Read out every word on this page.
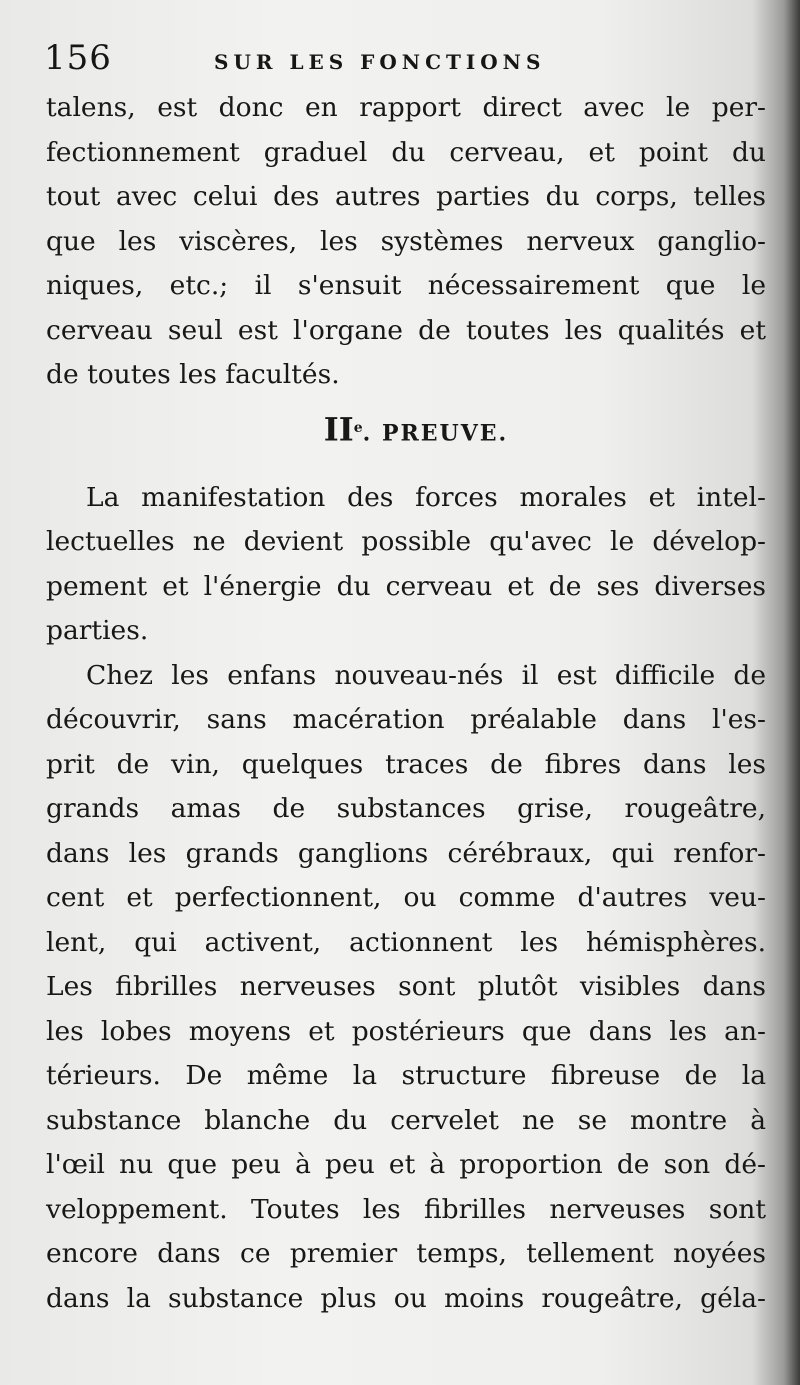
156	SUR LES FONCTIONS
talens, est donc en rapport direct avec le per-
fectionnement graduel du cerveau, et point du
tout avec celui des autres parties du corps, telles
que les viscères, les systèmes nerveux ganglio-
niques, etc.; il s'ensuit nécessairement que le
cerveau seul est l'organe de toutes les qualités et
de toutes les facultés.
IIe. PREUVE.
La manifestation des forces morales et intel-
lectuelles ne devient possible qu'avec le dévelop-
pement et l'énergie du cerveau et de ses diverses
parties.
Chez les enfans nouveau-nés il est difficile de
découvrir, sans macération préalable dans l'es-
prit de vin, quelques traces de fibres dans les
grands amas de substances grise, rougeâtre,
dans les grands ganglions cérébraux, qui renfor-
cent et perfectionnent, ou comme d'autres veu-
lent, qui activent, actionnent les hémisphères.
Les fibrilles nerveuses sont plutôt visibles dans
les lobes moyens et postérieurs que dans les an-
térieurs. De même la structure fibreuse de la
substance blanche du cervelet ne se montre à
l'œil nu que peu à peu et à proportion de son dé-
veloppement. Toutes les fibrilles nerveuses sont
encore dans ce premier temps, tellement noyées
dans la substance plus ou moins rougeâtre, géla-
